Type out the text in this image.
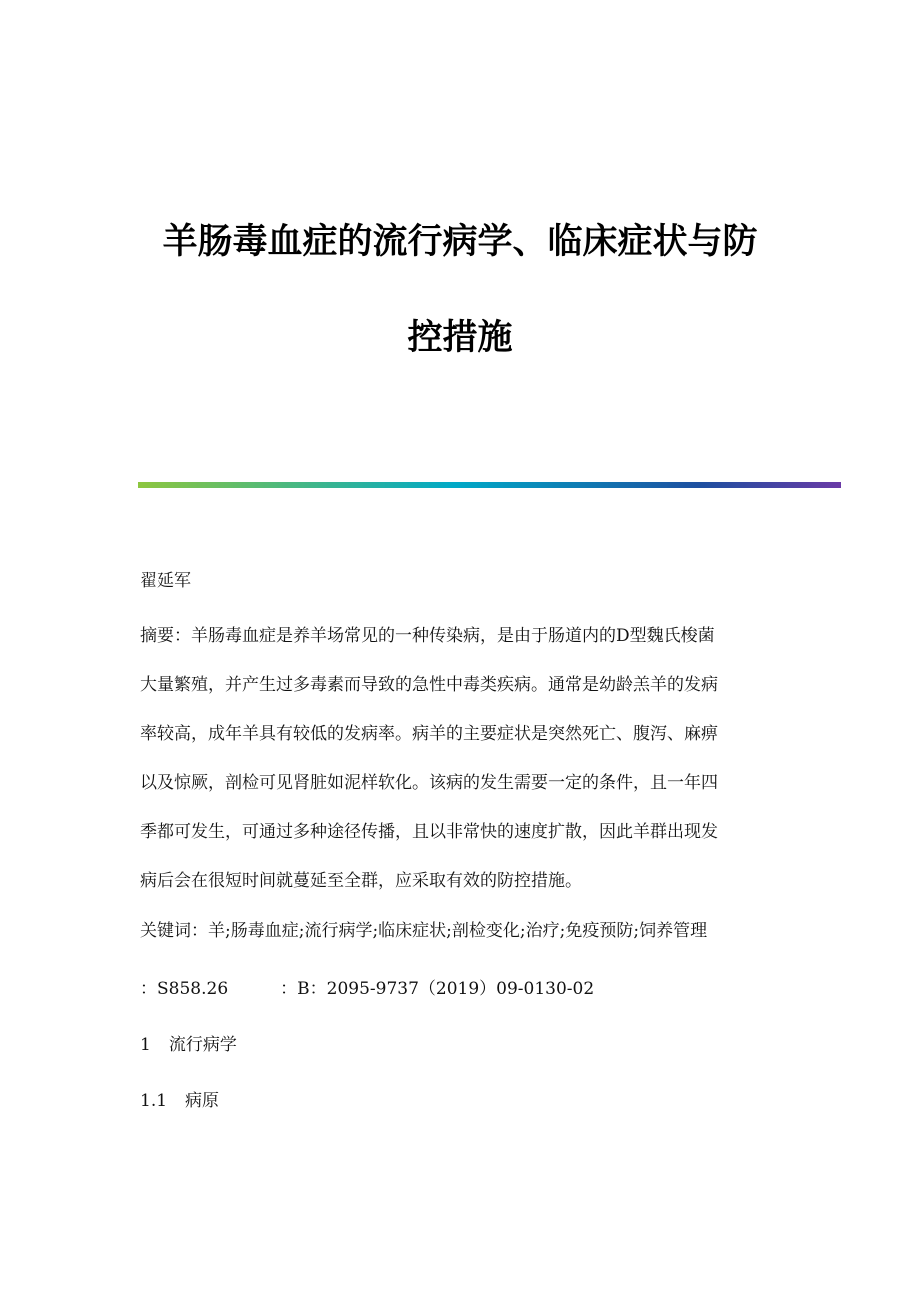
羊肠毒血症的流行病学、临床症状与防
控措施

翟延军

摘要：羊肠毒血症是养羊场常见的一种传染病，是由于肠道内的D型魏氏梭菌
大量繁殖，并产生过多毒素而导致的急性中毒类疾病。通常是幼龄羔羊的发病
率较高，成年羊具有较低的发病率。病羊的主要症状是突然死亡、腹泻、麻痹
以及惊厥，剖检可见肾脏如泥样软化。该病的发生需要一定的条件，且一年四
季都可发生，可通过多种途径传播，且以非常快的速度扩散，因此羊群出现发
病后会在很短时间就蔓延至全群，应采取有效的防控措施。

关键词：羊;肠毒血症;流行病学;临床症状;剖检变化;治疗;免疫预防;饲养管理

：S858.26	：B：2095-9737（2019）09-0130-02

1 流行病学

1.1 病原
